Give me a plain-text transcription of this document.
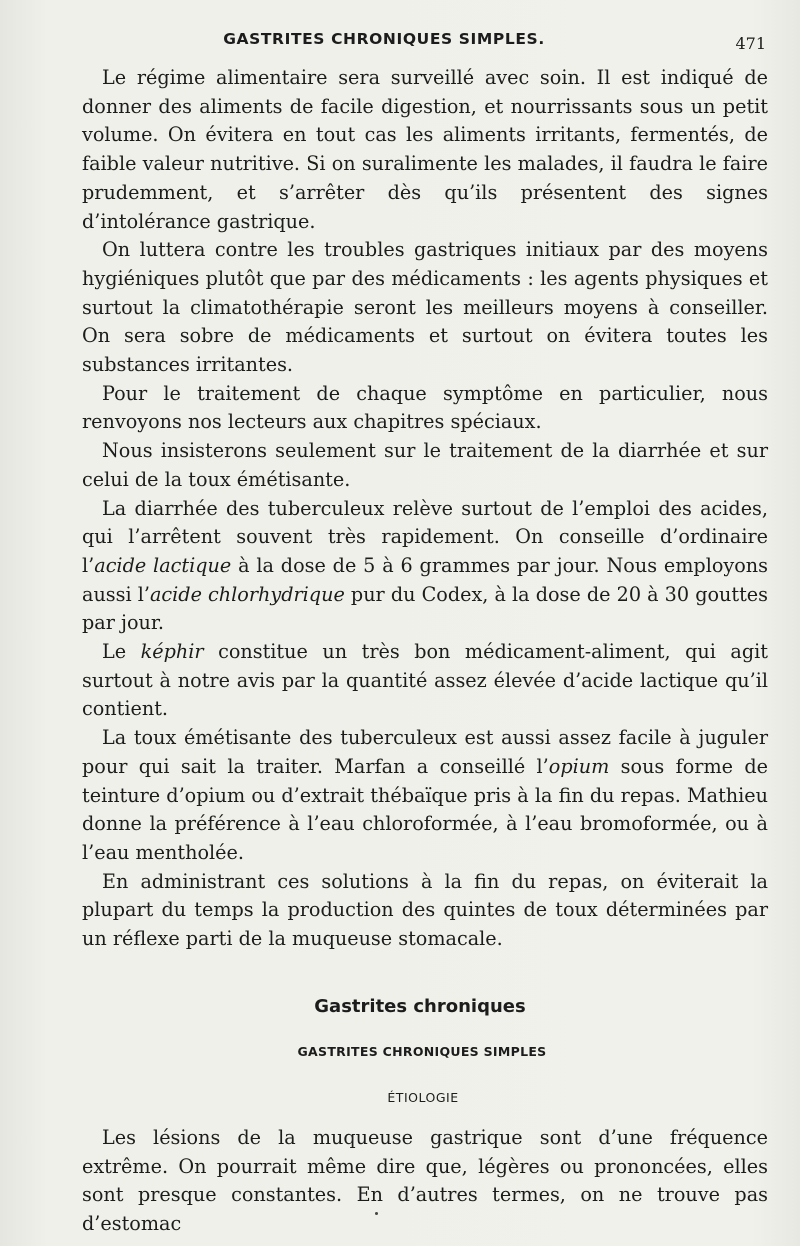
GASTRITES CHRONIQUES SIMPLES.	471

Le régime alimentaire sera surveillé avec soin. Il est indiqué de donner des aliments de facile digestion, et nourrissants sous un petit volume. On évitera en tout cas les aliments irritants, fermentés, de faible valeur nutritive. Si on suralimente les malades, il faudra le faire prudemment, et s’arrêter dès qu’ils présentent des signes d’intolérance gastrique.

On luttera contre les troubles gastriques initiaux par des moyens hygiéniques plutôt que par des médicaments : les agents physiques et surtout la climatothérapie seront les meilleurs moyens à conseiller. On sera sobre de médicaments et surtout on évitera toutes les substances irritantes.

Pour le traitement de chaque symptôme en particulier, nous renvoyons nos lecteurs aux chapitres spéciaux.

Nous insisterons seulement sur le traitement de la diarrhée et sur celui de la toux émétisante.

La diarrhée des tuberculeux relève surtout de l’emploi des acides, qui l’arrêtent souvent très rapidement. On conseille d’ordinaire l’acide lactique à la dose de 5 à 6 grammes par jour. Nous employons aussi l’acide chlorhydrique pur du Codex, à la dose de 20 à 30 gouttes par jour.

Le képhir constitue un très bon médicament-aliment, qui agit surtout à notre avis par la quantité assez élevée d’acide lactique qu’il contient.

La toux émétisante des tuberculeux est aussi assez facile à juguler pour qui sait la traiter. Marfan a conseillé l’opium sous forme de teinture d’opium ou d’extrait thébaïque pris à la fin du repas. Mathieu donne la préférence à l’eau chloroformée, à l’eau bromoformée, ou à l’eau mentholée.

En administrant ces solutions à la fin du repas, on éviterait la plupart du temps la production des quintes de toux déterminées par un réflexe parti de la muqueuse stomacale.

Gastrites chroniques
GASTRITES CHRONIQUES SIMPLES
ÉTIOLOGIE

Les lésions de la muqueuse gastrique sont d’une fréquence extrême. On pourrait même dire que, légères ou prononcées, elles sont presque constantes. En d’autres termes, on ne trouve pas d’estomac
